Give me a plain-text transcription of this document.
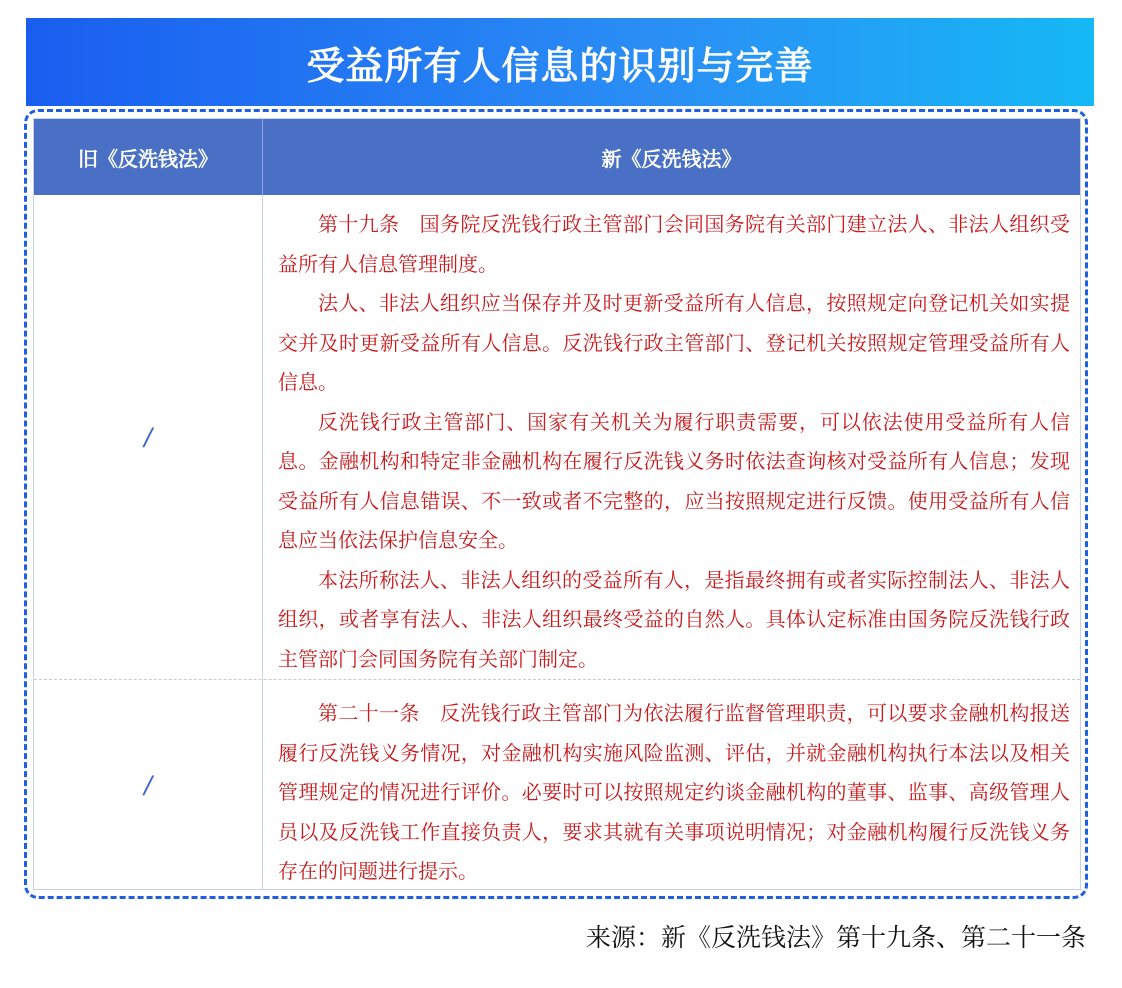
受益所有人信息的识别与完善
旧《反洗钱法》	新《反洗钱法》
/

第十九条　国务院反洗钱行政主管部门会同国务院有关部门建立法人、非法人组织受益所有人信息管理制度。

法人、非法人组织应当保存并及时更新受益所有人信息，按照规定向登记机关如实提交并及时更新受益所有人信息。反洗钱行政主管部门、登记机关按照规定管理受益所有人信息。

反洗钱行政主管部门、国家有关机关为履行职责需要，可以依法使用受益所有人信息。金融机构和特定非金融机构在履行反洗钱义务时依法查询核对受益所有人信息；发现受益所有人信息错误、不一致或者不完整的，应当按照规定进行反馈。使用受益所有人信息应当依法保护信息安全。

本法所称法人、非法人组织的受益所有人，是指最终拥有或者实际控制法人、非法人组织，或者享有法人、非法人组织最终受益的自然人。具体认定标准由国务院反洗钱行政主管部门会同国务院有关部门制定。

/

第二十一条　反洗钱行政主管部门为依法履行监督管理职责，可以要求金融机构报送履行反洗钱义务情况，对金融机构实施风险监测、评估，并就金融机构执行本法以及相关管理规定的情况进行评价。必要时可以按照规定约谈金融机构的董事、监事、高级管理人员以及反洗钱工作直接负责人，要求其就有关事项说明情况；对金融机构履行反洗钱义务存在的问题进行提示。

来源：新《反洗钱法》第十九条、第二十一条
